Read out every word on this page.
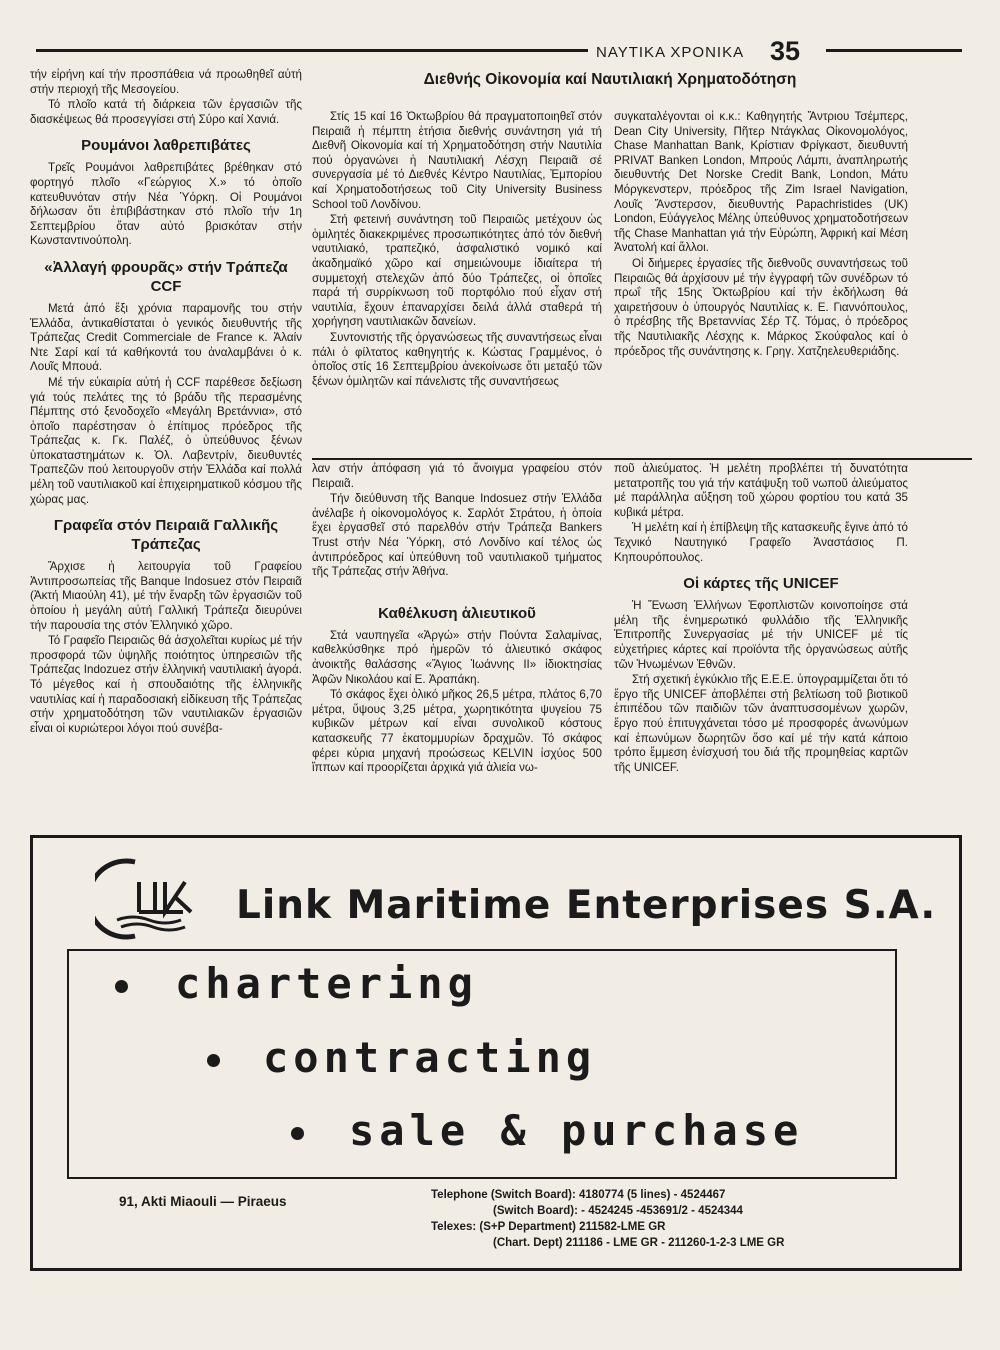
ΝΑΥΤΙΚΑ ΧΡΟΝΙΚΑ 35

τήν εἰρήνη καί τήν προσπάθεια νά προωθηθεῖ αὐτή στήν περιοχή τῆς Μεσογείου.

Τό πλοῖο κατά τή διάρκεια τῶν ἐργασιῶν τῆς διασκέψεως θά προσεγγίσει στή Σύρο καί Χανιά.

Ρουμάνοι λαθρεπιβάτες

Τρεῖς Ρουμάνοι λαθρεπιβάτες βρέθηκαν στό φορτηγό πλοῖο «Γεώργιος Χ.» τό ὁποῖο κατευθυνόταν στήν Νέα Ὑόρκη. Οἱ Ρουμάνοι δήλωσαν ὅτι ἐπιβιβάστηκαν στό πλοῖο τήν 1η Σεπτεμβρίου ὅταν αὐτό βρισκόταν στήν Κωνσταντινούπολη.

«Ἀλλαγή φρουρᾶς» στήν Τράπεζα CCF

Μετά ἀπό ἔξι χρόνια παραμονῆς του στήν Ἑλλάδα, ἀντικαθίσταται ὁ γενικός διευθυντής τῆς Τράπεζας Credit Commerciale de France κ. Ἀλαίν Ντε Σαρί καί τά καθήκοντά του ἀναλαμβάνει ὁ κ. Λουῖς Μπουά.

Μέ τήν εὐκαιρία αὐτή ἡ CCF παρέθεσε δεξίωση γιά τούς πελάτες της τό βράδυ τῆς περασμένης Πέμπτης στό ξενοδοχεῖο «Μεγάλη Βρετάννια», στό ὁποῖο παρέστησαν ὁ ἐπίτιμος πρόεδρος τῆς Τράπεζας κ. Γκ. Παλέζ, ὁ ὑπεύθυνος ξένων ὑποκαταστημάτων κ. Ὀλ. Λαβεντρίν, διευθυντές Τραπεζῶν πού λειτουργοῦν στήν Ἑλλάδα καί πολλά μέλη τοῦ ναυτιλιακοῦ καί ἐπιχειρηματικοῦ κόσμου τῆς χώρας μας.

Γραφεῖα στόν Πειραιᾶ Γαλλικῆς Τράπεζας

Ἄρχισε ἡ λειτουργία τοῦ Γραφείου Ἀντιπροσωπείας τῆς Banque Indosuez στόν Πειραιᾶ (Ἀκτή Μιαούλη 41), μέ τήν ἔναρξη τῶν ἐργασιῶν τοῦ ὁποίου ἡ μεγάλη αὐτή Γαλλική Τράπεζα διευρύνει τήν παρουσία της στόν Ἑλληνικό χῶρο.

Τό Γραφεῖο Πειραιῶς θά ἀσχολεῖται κυρίως μέ τήν προσφορά τῶν ὑψηλῆς ποιότητος ὑπηρεσιῶν τῆς Τράπεζας Indozuez στήν ἑλληνική ναυτιλιακή ἀγορά. Τό μέγεθος καί ἡ σπουδαιότης τῆς ἑλληνικῆς ναυτιλίας καί ἡ παραδοσιακή εἰδίκευση τῆς Τράπεζας στήν χρηματοδότηση τῶν ναυτιλιακῶν ἐργασιῶν εἶναι οἱ κυριώτεροι λόγοι πού συνέβα-

Διεθνής Οἰκονομία καί Ναυτιλιακή Χρηματοδότηση

Στίς 15 καί 16 Ὀκτωβρίου θά πραγματοποιηθεῖ στόν Πειραιᾶ ἡ πέμπτη ἐτήσια διεθνής συνάντηση γιά τή Διεθνῆ Οἰκονομία καί τή Χρηματοδότηση στήν Ναυτιλία πού ὀργανώνει ἡ Ναυτιλιακή Λέσχη Πειραιᾶ σέ συνεργασία μέ τό Διεθνές Κέντρο Ναυτιλίας, Ἐμπορίου καί Χρηματοδοτήσεως τοῦ City University Business School τοῦ Λονδίνου.

Στή φετεινή συνάντηση τοῦ Πειραιῶς μετέχουν ὡς ὁμιλητές διακεκριμένες προσωπικότητες ἀπό τόν διεθνή ναυτιλιακό, τραπεζικό, ἀσφαλιστικό νομικό καί ἀκαδημαϊκό χῶρο καί σημειώνουμε ἰδιαίτερα τή συμμετοχή στελεχῶν ἀπό δύο Τράπεζες, οἱ ὁποῖες παρά τή συρρίκνωση τοῦ πορτφόλιο πού εἶχαν στή ναυτιλία, ἔχουν ἐπαναρχίσει δειλά ἀλλά σταθερά τή χορήγηση ναυτιλιακῶν δανείων.

Συντονιστής τῆς ὀργανώσεως τῆς συναντήσεως εἶναι πάλι ὁ φίλτατος καθηγητής κ. Κώστας Γραμμένος, ὁ ὁποῖος στίς 16 Σεπτεμβρίου ἀνεκοίνωσε ὅτι μεταξύ τῶν ξένων ὁμιλητῶν καί πάνελιστς τῆς συναντήσεως

συγκαταλέγονται οἱ κ.κ.: Καθηγητής Ἄντριου Τσέμπερς, Dean City University, Πῆτερ Ντάγκλας Οἰκονομολόγος, Chase Manhattan Bank, Κρίστιαν Φρίγκαστ, διευθυντή PRIVAT Banken London, Μπρούς Λάμπι, ἀναπληρωτής διευθυντής Det Norske Credit Bank, London, Μάτυ Μόργκενστερν, πρόεδρος τῆς Zim Israel Navigation, Λουῖς Ἄνστερσον, διευθυντής Papachristides (UK) London, Εὐάγγελος Μέλης ὑπεύθυνος χρηματοδοτήσεων τῆς Chase Manhattan γιά τήν Εὐρώπη, Ἀφρική καί Μέση Ἀνατολή καί ἄλλοι.

Οἱ διήμερες ἐργασίες τῆς διεθνοῦς συναντήσεως τοῦ Πειραιῶς θά ἀρχίσουν μέ τήν ἐγγραφή τῶν συνέδρων τό πρωΐ τῆς 15ης Ὀκτωβρίου καί τήν ἐκδήλωση θά χαιρετήσουν ὁ ὑπουργός Ναυτιλίας κ. Ε. Γιαννόπουλος, ὁ πρέσβης τῆς Βρεταννίας Σέρ Τζ. Τόμας, ὁ πρόεδρος τῆς Ναυτιλιακῆς Λέσχης κ. Μάρκος Σκούφαλος καί ὁ πρόεδρος τῆς συνάντησης κ. Γρηγ. Χατζηελευθεριάδης.

λαν στήν ἀπόφαση γιά τό ἄνοιγμα γραφείου στόν Πειραιᾶ.

Τήν διεύθυνση τῆς Banque Indosuez στήν Ἑλλάδα ἀνέλαβε ἡ οἰκονομολόγος κ. Σαρλότ Στράτου, ἡ ὁποία ἔχει ἐργασθεῖ στό παρελθόν στήν Τράπεζα Bankers Trust στήν Νέα Ὑόρκη, στό Λονδίνο καί τέλος ὡς ἀντιπρόεδρος καί ὑπεύθυνη τοῦ ναυτιλιακοῦ τμήματος τῆς Τράπεζας στήν Ἀθήνα.

Καθέλκυση ἁλιευτικοῦ

Στά ναυπηγεῖα «Ἀργώ» στήν Πούντα Σαλαμίνας, καθελκύσθηκε πρό ἡμερῶν τό ἁλιευτικό σκάφος ἀνοικτῆς θαλάσσης «Ἅγιος Ἰωάννης ΙΙ» ἰδιοκτησίας Ἀφῶν Νικολάου καί Ε. Ἀραπάκη.

Τό σκάφος ἔχει ὁλικό μῆκος 26,5 μέτρα, πλάτος 6,70 μέτρα, ὕψους 3,25 μέτρα, χωρητικότητα ψυγείου 75 κυβικῶν μέτρων καί εἶναι συνολικοῦ κόστους κατασκευῆς 77 ἑκατομμυρίων δραχμῶν. Τό σκάφος φέρει κύρια μηχανή προώσεως KELVIN ἰσχύος 500 ἵππων καί προορίζεται ἀρχικά γιά ἁλιεία νω-

ποῦ ἁλιεύματος. Ἡ μελέτη προβλέπει τή δυνατότητα μετατροπῆς του γιά τήν κατάψυξη τοῦ νωποῦ ἁλιεύματος μέ παράλληλα αὔξηση τοῦ χώρου φορτίου του κατά 35 κυβικά μέτρα.

Ἡ μελέτη καί ἡ ἐπίβλεψη τῆς κατασκευῆς ἔγινε ἀπό τό Τεχνικό Ναυτηγικό Γραφεῖο Ἀναστάσιος Π. Κηπουρόπουλος.

Οἱ κάρτες τῆς UNICEF

Ἡ Ἕνωση Ἑλλήνων Ἐφοπλιστῶν κοινοποίησε στά μέλη τῆς ἐνημερωτικό φυλλάδιο τῆς Ἑλληνικῆς Ἐπιτροπῆς Συνεργασίας μέ τήν UNICEF μέ τίς εὐχετήριες κάρτες καί προϊόντα τῆς ὀργανώσεως αὐτῆς τῶν Ἡνωμένων Ἐθνῶν.

Στή σχετική ἐγκύκλιο τῆς Ε.Ε.Ε. ὑπογραμμίζεται ὅτι τό ἔργο τῆς UNICEF ἀποβλέπει στή βελτίωση τοῦ βιοτικοῦ ἐπιπέδου τῶν παιδιῶν τῶν ἀναπτυσσομένων χωρῶν, ἔργο πού ἐπιτυγχάνεται τόσο μέ προσφορές ἀνωνύμων καί ἐπωνύμων δωρητῶν ὅσο καί μέ τήν κατά κάποιο τρόπο ἔμμεση ἐνίσχυσή του διά τῆς προμηθείας καρτῶν τῆς UNICEF.

Link Maritime Enterprises S.A.
chartering
contracting
sale & purchase
91, Akti Miaouli — Piraeus	Telephone (Switch Board): 4180774 (5 lines) - 4524467
(Switch Board): - 4524245 -453691/2 - 4524344
Telexes: (S+P Department) 211582-LME GR
(Chart. Dept) 211186 - LME GR - 211260-1-2-3 LME GR
